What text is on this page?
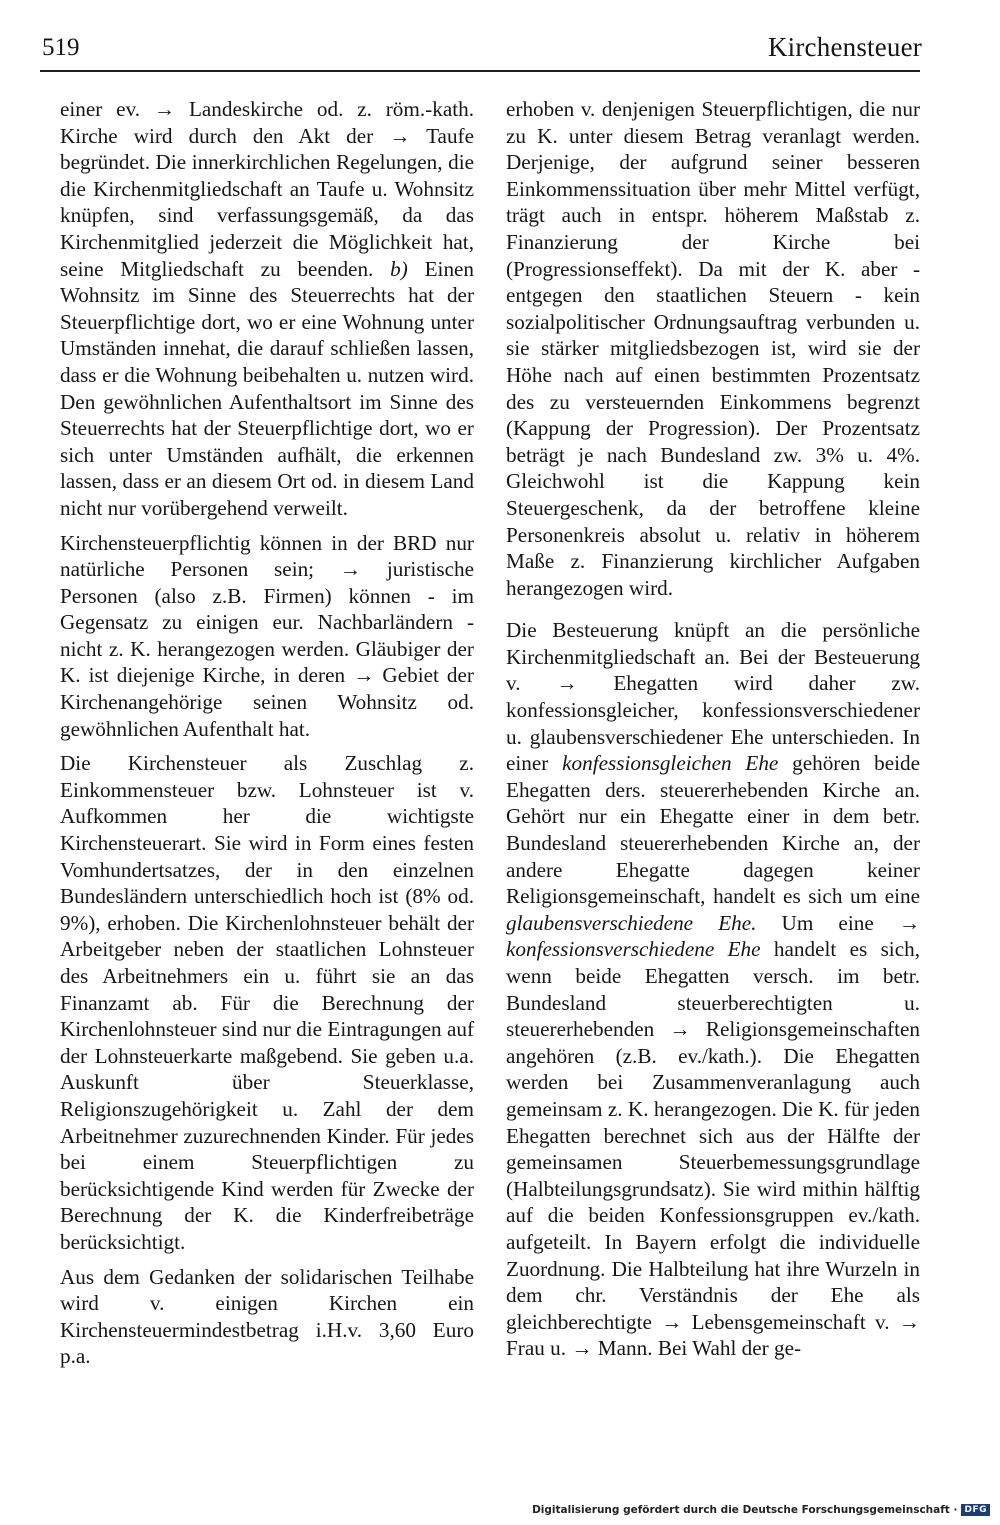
519	Kirchensteuer

einer ev. → Landeskirche od. z. röm.-kath. Kirche wird durch den Akt der → Taufe begründet. Die innerkirchlichen Regelungen, die die Kirchenmitgliedschaft an Taufe u. Wohnsitz knüpfen, sind verfassungsgemäß, da das Kirchenmitglied jederzeit die Möglichkeit hat, seine Mitgliedschaft zu beenden. b) Einen Wohnsitz im Sinne des Steuerrechts hat der Steuerpflichtige dort, wo er eine Wohnung unter Umständen innehat, die darauf schließen lassen, dass er die Wohnung beibehalten u. nutzen wird. Den gewöhnlichen Aufenthaltsort im Sinne des Steuerrechts hat der Steuerpflichtige dort, wo er sich unter Umständen aufhält, die erkennen lassen, dass er an diesem Ort od. in diesem Land nicht nur vorübergehend verweilt.

Kirchensteuerpflichtig können in der BRD nur natürliche Personen sein; → juristische Personen (also z.B. Firmen) können - im Gegensatz zu einigen eur. Nachbarländern - nicht z. K. herangezogen werden. Gläubiger der K. ist diejenige Kirche, in deren → Gebiet der Kirchenangehörige seinen Wohnsitz od. gewöhnlichen Aufenthalt hat.

Die Kirchensteuer als Zuschlag z. Einkommensteuer bzw. Lohnsteuer ist v. Aufkommen her die wichtigste Kirchensteuerart. Sie wird in Form eines festen Vomhundertsatzes, der in den einzelnen Bundesländern unterschiedlich hoch ist (8% od. 9%), erhoben. Die Kirchenlohnsteuer behält der Arbeitgeber neben der staatlichen Lohnsteuer des Arbeitnehmers ein u. führt sie an das Finanzamt ab. Für die Berechnung der Kirchenlohnsteuer sind nur die Eintragungen auf der Lohnsteuerkarte maßgebend. Sie geben u.a. Auskunft über Steuerklasse, Religionszugehörigkeit u. Zahl der dem Arbeitnehmer zuzurechnenden Kinder. Für jedes bei einem Steuerpflichtigen zu berücksichtigende Kind werden für Zwecke der Berechnung der K. die Kinderfreibeträge berücksichtigt.

Aus dem Gedanken der solidarischen Teilhabe wird v. einigen Kirchen ein Kirchensteuermindestbetrag i.H.v. 3,60 Euro p.a.

erhoben v. denjenigen Steuerpflichtigen, die nur zu K. unter diesem Betrag veranlagt werden. Derjenige, der aufgrund seiner besseren Einkommenssituation über mehr Mittel verfügt, trägt auch in entspr. höherem Maßstab z. Finanzierung der Kirche bei (Progressionseffekt). Da mit der K. aber - entgegen den staatlichen Steuern - kein sozialpolitischer Ordnungsauftrag verbunden u. sie stärker mitgliedsbezogen ist, wird sie der Höhe nach auf einen bestimmten Prozentsatz des zu versteuernden Einkommens begrenzt (Kappung der Progression). Der Prozentsatz beträgt je nach Bundesland zw. 3% u. 4%. Gleichwohl ist die Kappung kein Steuergeschenk, da der betroffene kleine Personenkreis absolut u. relativ in höherem Maße z. Finanzierung kirchlicher Aufgaben herangezogen wird.

Die Besteuerung knüpft an die persönliche Kirchenmitgliedschaft an. Bei der Besteuerung v. → Ehegatten wird daher zw. konfessionsgleicher, konfessionsverschiedener u. glaubensverschiedener Ehe unterschieden. In einer konfessionsgleichen Ehe gehören beide Ehegatten ders. steuererhebenden Kirche an. Gehört nur ein Ehegatte einer in dem betr. Bundesland steuererhebenden Kirche an, der andere Ehegatte dagegen keiner Religionsgemeinschaft, handelt es sich um eine glaubensverschiedene Ehe. Um eine → konfessionsverschiedene Ehe handelt es sich, wenn beide Ehegatten versch. im betr. Bundesland steuerberechtigten u. steuererhebenden → Religionsgemeinschaften angehören (z.B. ev./kath.). Die Ehegatten werden bei Zusammenveranlagung auch gemeinsam z. K. herangezogen. Die K. für jeden Ehegatten berechnet sich aus der Hälfte der gemeinsamen Steuerbemessungsgrundlage (Halbteilungsgrundsatz). Sie wird mithin hälftig auf die beiden Konfessionsgruppen ev./kath. aufgeteilt. In Bayern erfolgt die individuelle Zuordnung. Die Halbteilung hat ihre Wurzeln in dem chr. Verständnis der Ehe als gleichberechtigte → Lebensgemeinschaft v. → Frau u. → Mann. Bei Wahl der ge-

Digitalisierung gefördert durch die Deutsche Forschungsgemeinschaft · DFG
